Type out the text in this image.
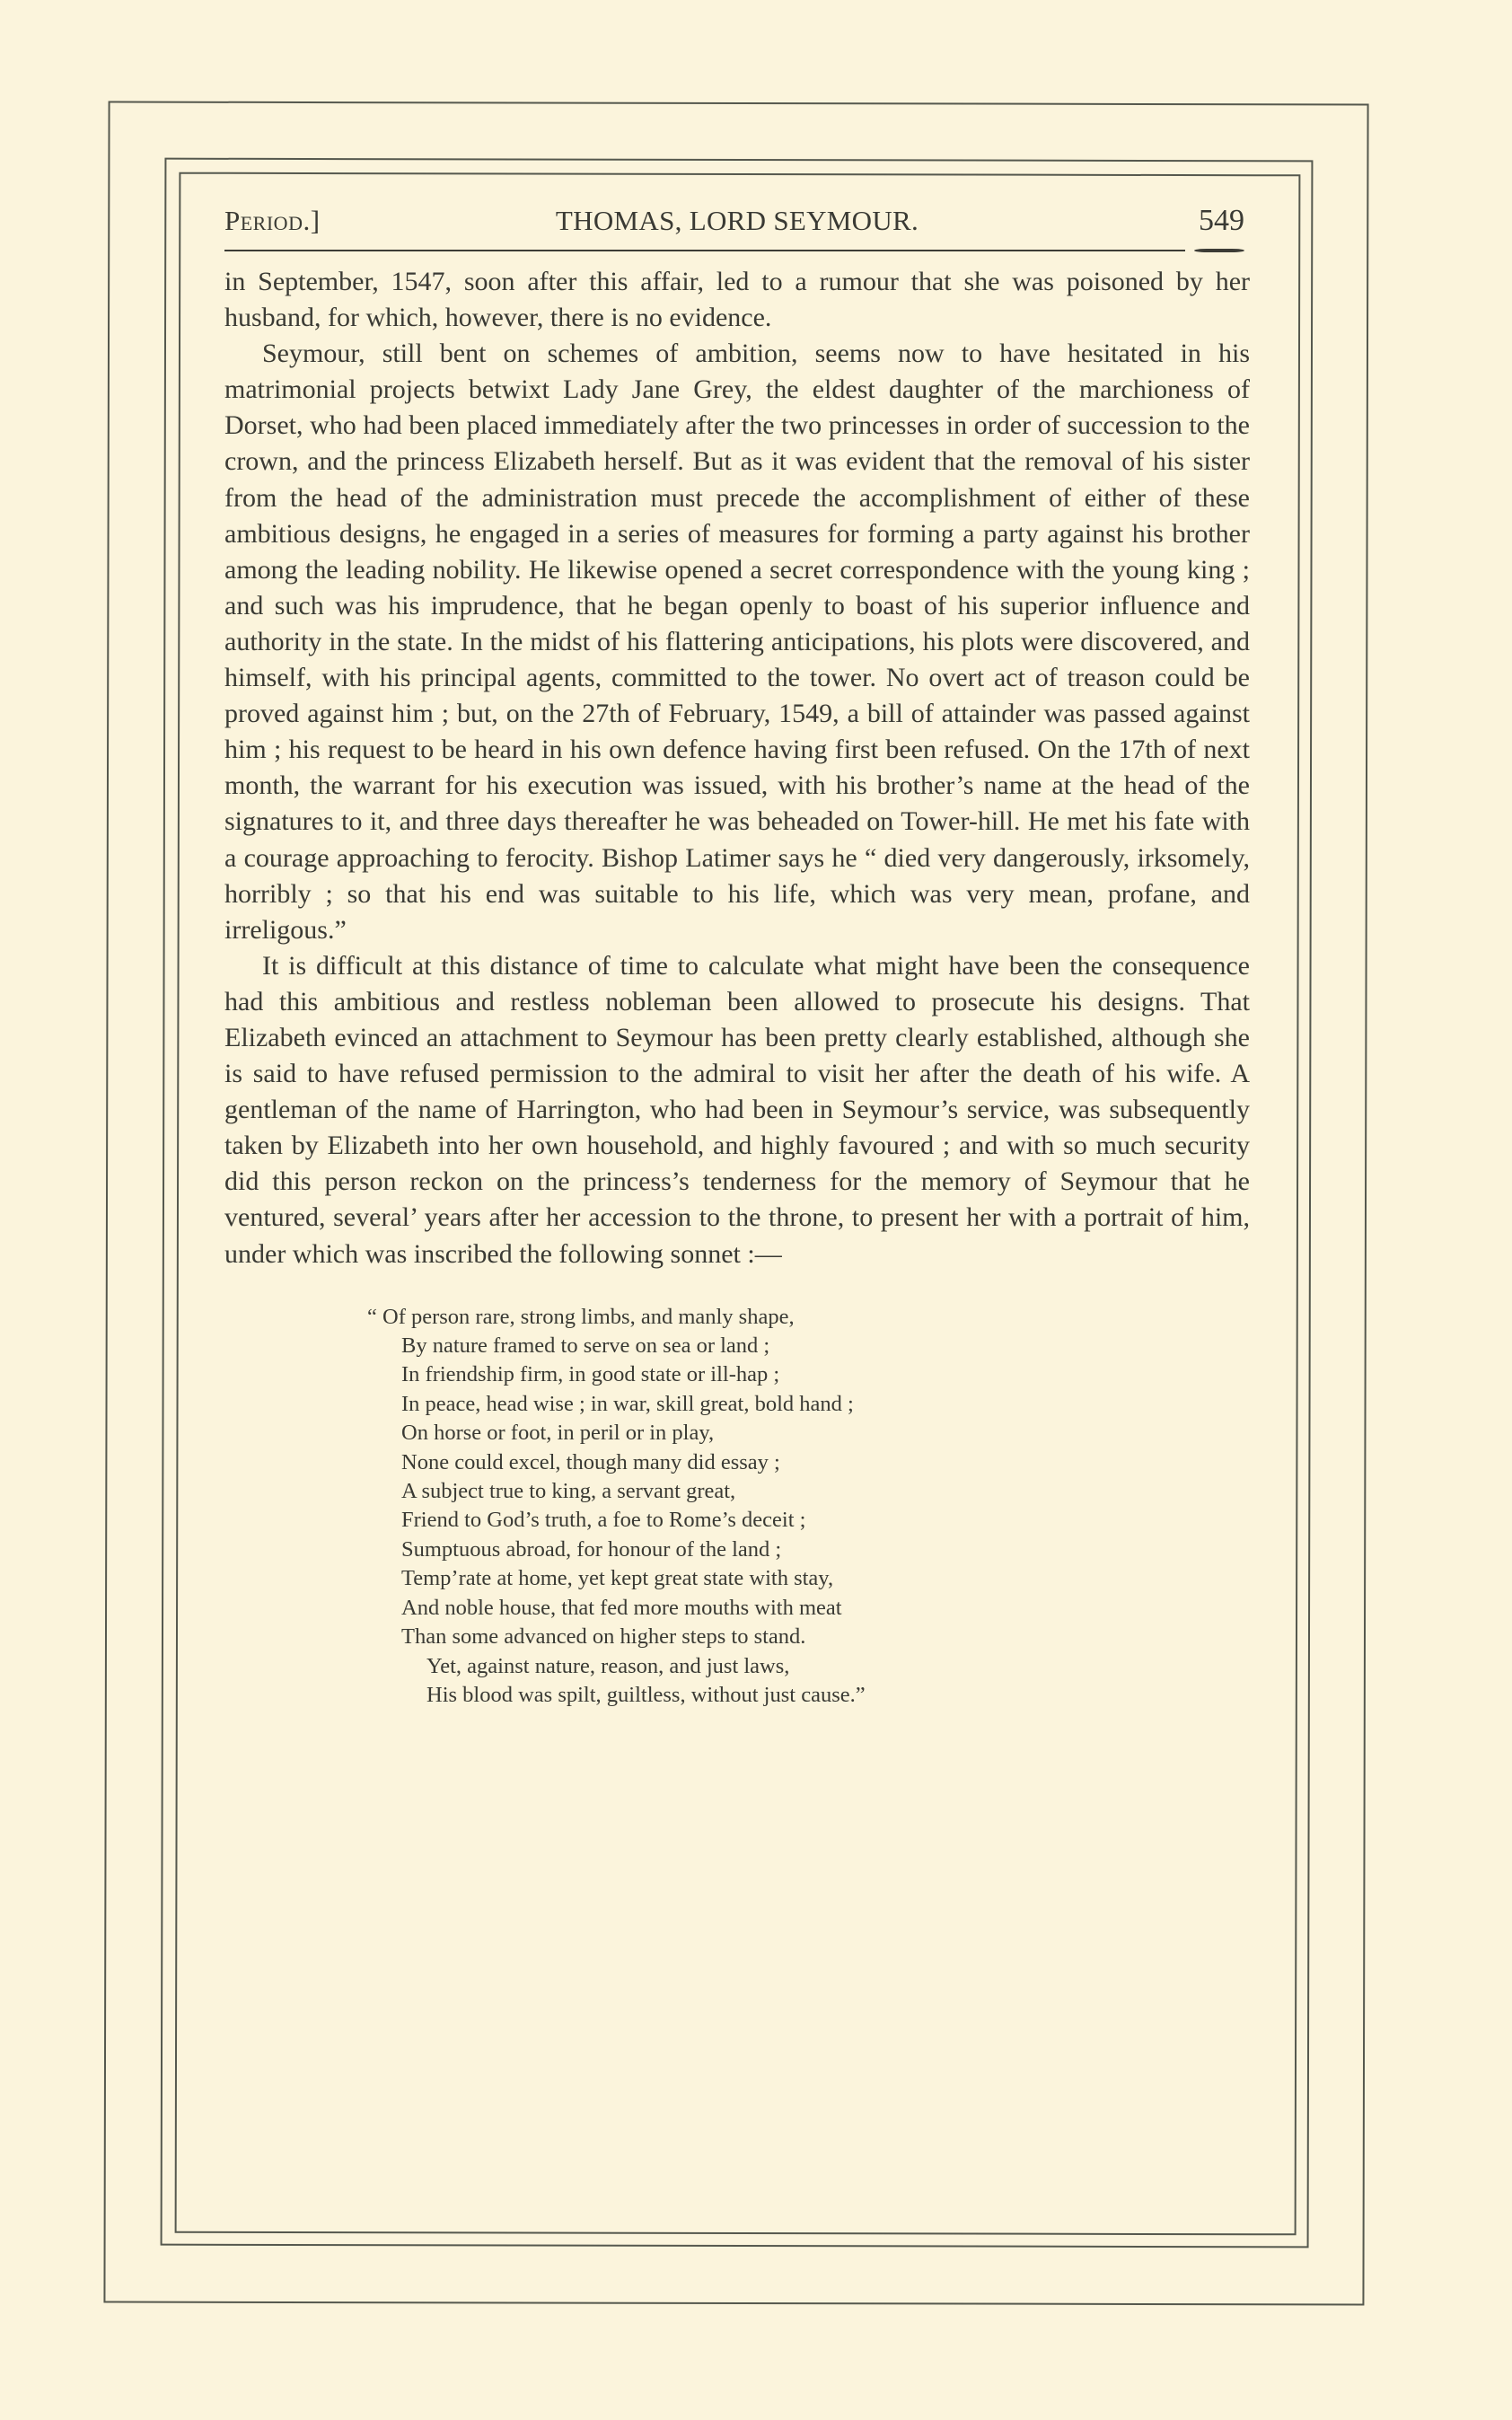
Period.]	THOMAS, LORD SEYMOUR.	549

in September, 1547, soon after this affair, led to a rumour that she was poisoned by her husband, for which, however, there is no evidence.

Seymour, still bent on schemes of ambition, seems now to have hesitated in his matrimonial projects betwixt Lady Jane Grey, the eldest daughter of the marchioness of Dorset, who had been placed immediately after the two princesses in order of succession to the crown, and the princess Elizabeth herself. But as it was evident that the removal of his sister from the head of the administration must precede the accomplishment of either of these ambitious designs, he engaged in a series of measures for forming a party against his brother among the leading nobility. He likewise opened a secret correspondence with the young king ; and such was his imprudence, that he began openly to boast of his superior influence and authority in the state. In the midst of his flattering anticipations, his plots were discovered, and himself, with his principal agents, committed to the tower. No overt act of treason could be proved against him ; but, on the 27th of February, 1549, a bill of attainder was passed against him ; his request to be heard in his own defence having first been refused. On the 17th of next month, the warrant for his execution was issued, with his brother’s name at the head of the signatures to it, and three days thereafter he was beheaded on Tower-hill. He met his fate with a courage approaching to ferocity. Bishop Latimer says he “ died very dangerously, irksomely, horribly ; so that his end was suitable to his life, which was very mean, profane, and irreligous.”

It is difficult at this distance of time to calculate what might have been the consequence had this ambitious and restless nobleman been allowed to prosecute his designs. That Elizabeth evinced an attachment to Seymour has been pretty clearly established, although she is said to have refused permission to the admiral to visit her after the death of his wife. A gentleman of the name of Harrington, who had been in Seymour’s service, was subsequently taken by Elizabeth into her own household, and highly favoured ; and with so much security did this person reckon on the princess’s tenderness for the memory of Seymour that he ventured, several’ years after her accession to the throne, to present her with a portrait of him, under which was inscribed the following sonnet :—

“ Of person rare, strong limbs, and manly shape,
By nature framed to serve on sea or land ;
In friendship firm, in good state or ill-hap ;
In peace, head wise ; in war, skill great, bold hand ;
On horse or foot, in peril or in play,
None could excel, though many did essay ;
A subject true to king, a servant great,
Friend to God’s truth, a foe to Rome’s deceit ;
Sumptuous abroad, for honour of the land ;
Temp’rate at home, yet kept great state with stay,
And noble house, that fed more mouths with meat
Than some advanced on higher steps to stand.
Yet, against nature, reason, and just laws,
His blood was spilt, guiltless, without just cause.”
